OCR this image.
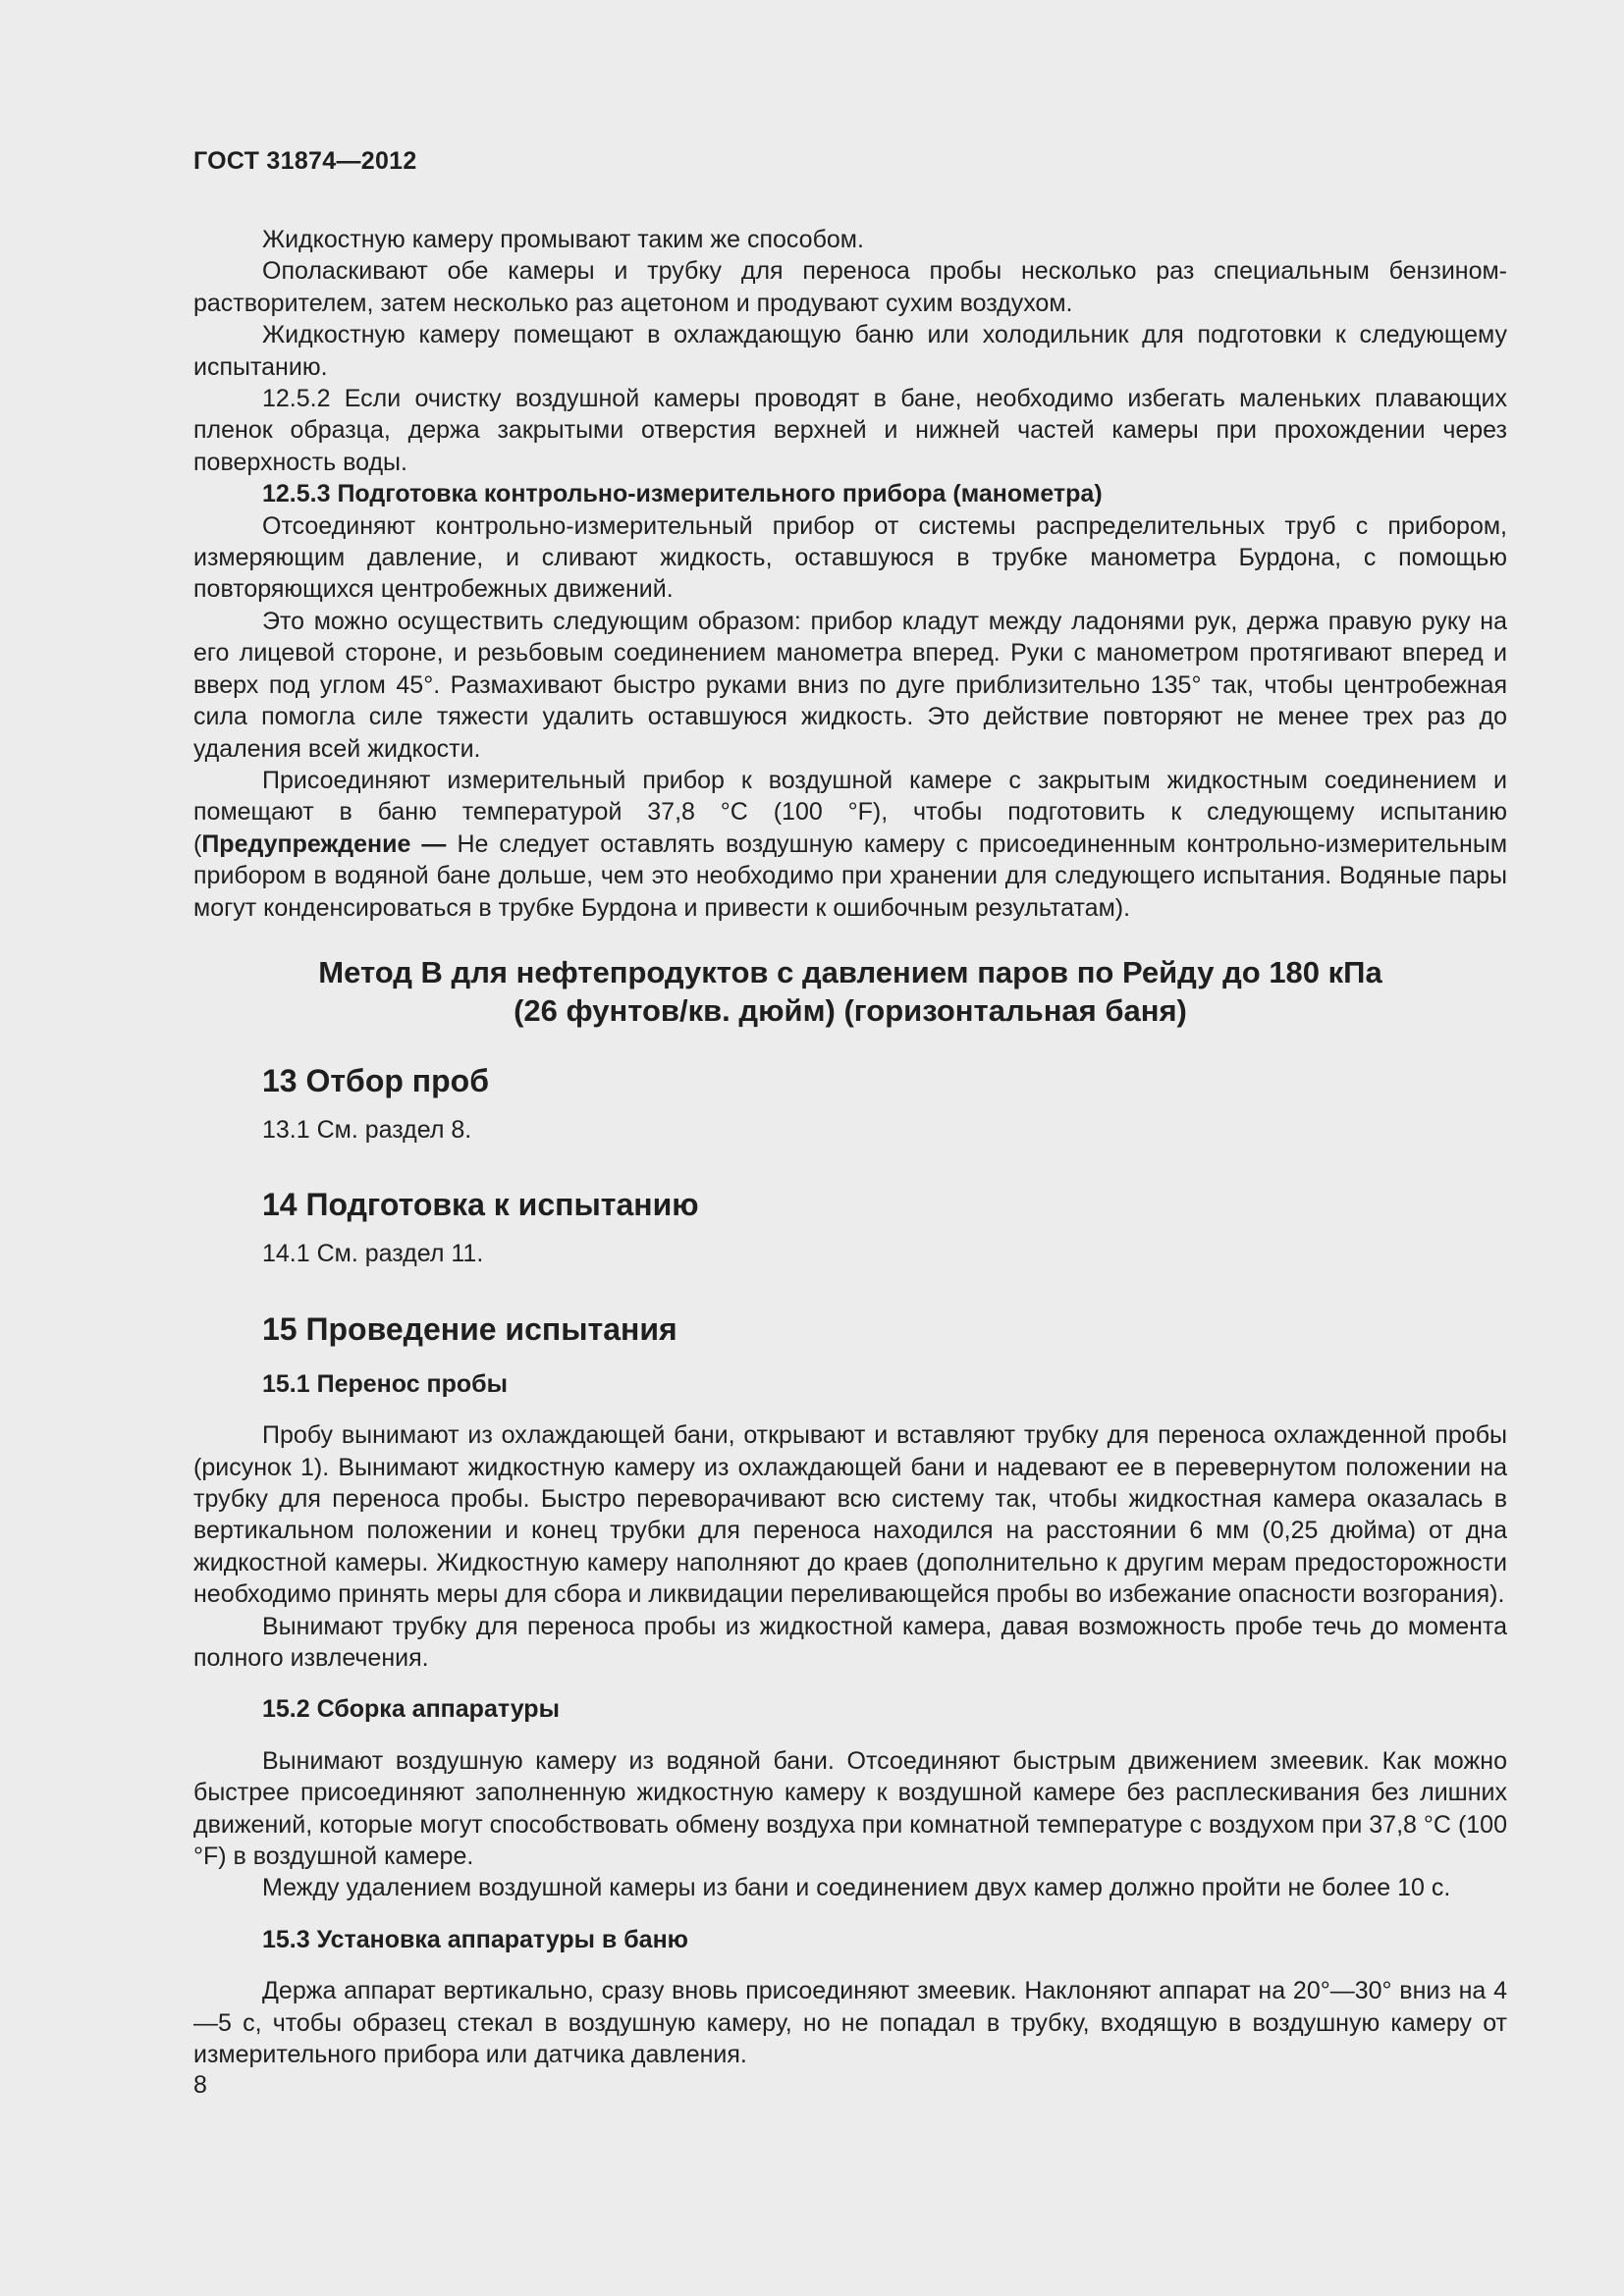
ГОСТ 31874—2012

Жидкостную камеру промывают таким же способом.

Ополаскивают обе камеры и трубку для переноса пробы несколько раз специальным бензином-растворителем, затем несколько раз ацетоном и продувают сухим воздухом.

Жидкостную камеру помещают в охлаждающую баню или холодильник для подготовки к следующему испытанию.

12.5.2 Если очистку воздушной камеры проводят в бане, необходимо избегать маленьких плавающих пленок образца, держа закрытыми отверстия верхней и нижней частей камеры при прохождении через поверхность воды.

12.5.3 Подготовка контрольно-измерительного прибора (манометра)

Отсоединяют контрольно-измерительный прибор от системы распределительных труб с прибором, измеряющим давление, и сливают жидкость, оставшуюся в трубке манометра Бурдона, с помощью повторяющихся центробежных движений.

Это можно осуществить следующим образом: прибор кладут между ладонями рук, держа правую руку на его лицевой стороне, и резьбовым соединением манометра вперед. Руки с манометром протягивают вперед и вверх под углом 45°. Размахивают быстро руками вниз по дуге приблизительно 135° так, чтобы центробежная сила помогла силе тяжести удалить оставшуюся жидкость. Это действие повторяют не менее трех раз до удаления всей жидкости.

Присоединяют измерительный прибор к воздушной камере с закрытым жидкостным соединением и помещают в баню температурой 37,8 °С (100 °F), чтобы подготовить к следующему испытанию (Предупреждение — Не следует оставлять воздушную камеру с присоединенным контрольно-измерительным прибором в водяной бане дольше, чем это необходимо при хранении для следующего испытания. Водяные пары могут конденсироваться в трубке Бурдона и привести к ошибочным результатам).

Метод В для нефтепродуктов с давлением паров по Рейду до 180 кПа
(26 фунтов/кв. дюйм) (горизонтальная баня)
13 Отбор проб
13.1 См. раздел 8.
14 Подготовка к испытанию
14.1 См. раздел 11.
15 Проведение испытания
15.1 Перенос пробы

Пробу вынимают из охлаждающей бани, открывают и вставляют трубку для переноса охлажденной пробы (рисунок 1). Вынимают жидкостную камеру из охлаждающей бани и надевают ее в перевернутом положении на трубку для переноса пробы. Быстро переворачивают всю систему так, чтобы жидкостная камера оказалась в вертикальном положении и конец трубки для переноса находился на расстоянии 6 мм (0,25 дюйма) от дна жидкостной камеры. Жидкостную камеру наполняют до краев (дополнительно к другим мерам предосторожности необходимо принять меры для сбора и ликвидации переливающейся пробы во избежание опасности возгорания).

Вынимают трубку для переноса пробы из жидкостной камера, давая возможность пробе течь до момента полного извлечения.

15.2 Сборка аппаратуры

Вынимают воздушную камеру из водяной бани. Отсоединяют быстрым движением змеевик. Как можно быстрее присоединяют заполненную жидкостную камеру к воздушной камере без расплескивания без лишних движений, которые могут способствовать обмену воздуха при комнатной температуре с воздухом при 37,8 °С (100 °F) в воздушной камере.

Между удалением воздушной камеры из бани и соединением двух камер должно пройти не более 10 с.

15.3 Установка аппаратуры в баню

Держа аппарат вертикально, сразу вновь присоединяют змеевик. Наклоняют аппарат на 20°—30° вниз на 4—5 с, чтобы образец стекал в воздушную камеру, но не попадал в трубку, входящую в воздушную камеру от измерительного прибора или датчика давления.

8
